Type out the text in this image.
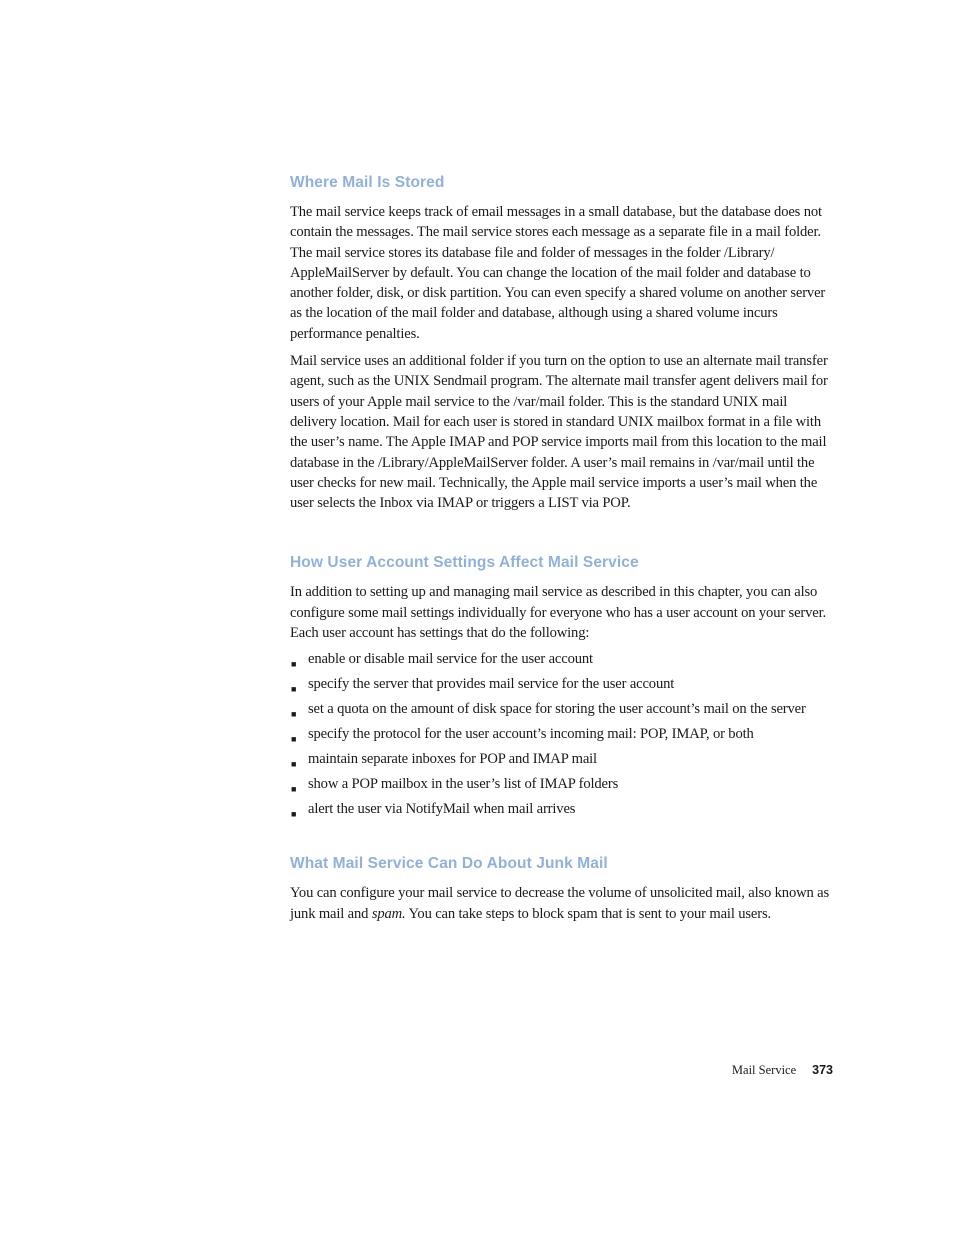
Where Mail Is Stored

The mail service keeps track of email messages in a small database, but the database does not contain the messages. The mail service stores each message as a separate file in a mail folder. The mail service stores its database file and folder of messages in the folder /Library/ AppleMailServer by default. You can change the location of the mail folder and database to another folder, disk, or disk partition. You can even specify a shared volume on another server as the location of the mail folder and database, although using a shared volume incurs performance penalties.

Mail service uses an additional folder if you turn on the option to use an alternate mail transfer agent, such as the UNIX Sendmail program. The alternate mail transfer agent delivers mail for users of your Apple mail service to the /var/mail folder. This is the standard UNIX mail delivery location. Mail for each user is stored in standard UNIX mailbox format in a file with the user’s name. The Apple IMAP and POP service imports mail from this location to the mail database in the /Library/AppleMailServer folder. A user’s mail remains in /var/mail until the user checks for new mail. Technically, the Apple mail service imports a user’s mail when the user selects the Inbox via IMAP or triggers a LIST via POP.

How User Account Settings Affect Mail Service

In addition to setting up and managing mail service as described in this chapter, you can also configure some mail settings individually for everyone who has a user account on your server. Each user account has settings that do the following:

■ enable or disable mail service for the user account
■ specify the server that provides mail service for the user account
■ set a quota on the amount of disk space for storing the user account’s mail on the server
■ specify the protocol for the user account’s incoming mail: POP, IMAP, or both
■ maintain separate inboxes for POP and IMAP mail
■ show a POP mailbox in the user’s list of IMAP folders
■ alert the user via NotifyMail when mail arrives
What Mail Service Can Do About Junk Mail

You can configure your mail service to decrease the volume of unsolicited mail, also known as junk mail and spam. You can take steps to block spam that is sent to your mail users.

Mail Service 373
